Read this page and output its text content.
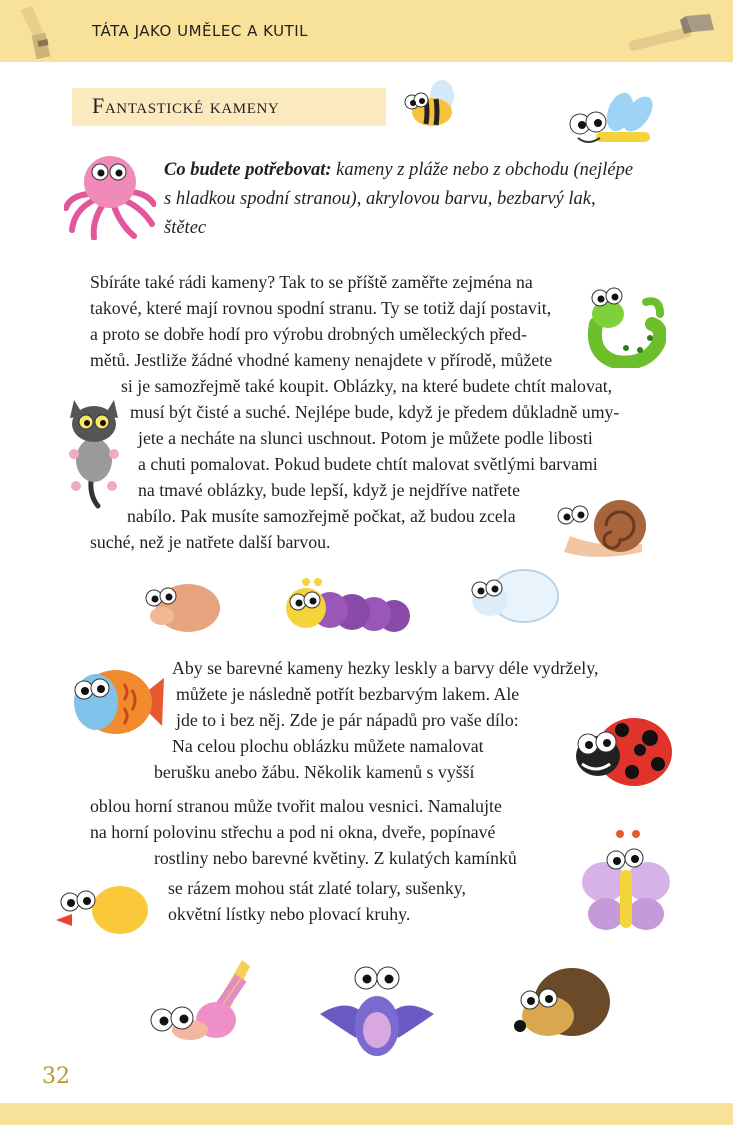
TÁTA JAKO UMĚLEC A KUTIL
Fantastické kameny
Co budete potřebovat: kameny z pláže nebo z obchodu (nejlépe s hladkou spodní stranou), akrylovou barvu, bezbarvý lak, štětec
Sbíráte také rádi kameny? Tak to se příště zaměřte zejména na
takové, které mají rovnou spodní stranu. Ty se totiž dají postavit,
a proto se dobře hodí pro výrobu drobných uměleckých před-
mětů. Jestliže žádné vhodné kameny nenajdete v přírodě, můžete
si je samozřejmě také koupit. Oblázky, na které budete chtít malovat,
musí být čisté a suché. Nejlépe bude, když je předem důkladně umy-
jete a necháte na slunci uschnout. Potom je můžete podle libosti
a chuti pomalovat. Pokud budete chtít malovat světlými barvami
na tmavé oblázky, bude lepší, když je nejdříve natřete
nabílo. Pak musíte samozřejmě počkat, až budou zcela
suché, než je natřete další barvou.
Aby se barevné kameny hezky leskly a barvy déle vydržely,
můžete je následně potřít bezbarvým lakem. Ale
jde to i bez něj. Zde je pár nápadů pro vaše dílo:
Na celou plochu oblázku můžete namalovat
berušku anebo žábu. Několik kamenů s vyšší
oblou horní stranou může tvořit malou vesnici. Namalujte
na horní polovinu střechu a pod ni okna, dveře, popínavé
rostliny nebo barevné květiny. Z kulatých kamínků
se rázem mohou stát zlaté tolary, sušenky,
okvětní lístky nebo plovací kruhy.
32
